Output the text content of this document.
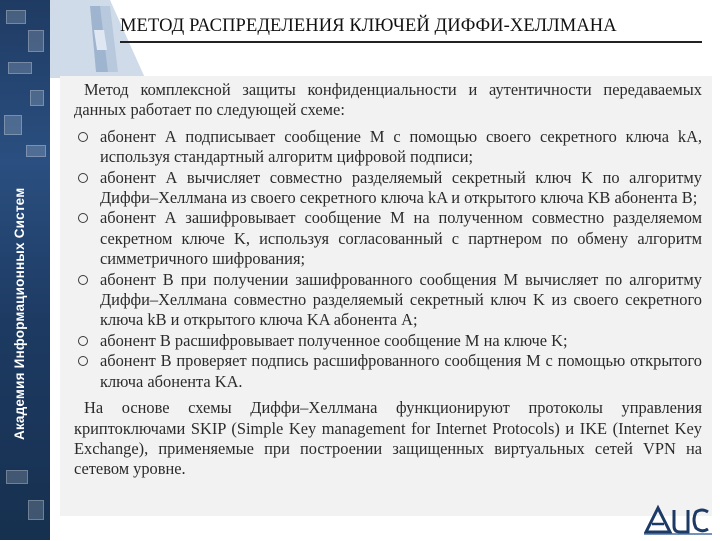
Академия Информационных Систем
МЕТОД РАСПРЕДЕЛЕНИЯ КЛЮЧЕЙ ДИФФИ-ХЕЛЛМАНА

Метод комплексной защиты конфиденциальности и аутентичности передаваемых данных работает по следующей схеме:

абонент А подписывает сообщение М с помощью своего секретного ключа kA, используя стандартный алгоритм цифровой подписи;
абонент А вычисляет совместно разделяемый секретный ключ K по алгоритму Диффи–Хеллмана из своего секретного ключа kA и открытого ключа KB абонента В;
абонент А зашифровывает сообщение М на полученном совместно разделяемом секретном ключе K, используя согласованный с партнером по обмену алгоритм симметричного шифрования;
абонент В при получении зашифрованного сообщения М вычисляет по алгоритму Диффи–Хеллмана совместно разделяемый секретный ключ K из своего секретного ключа kB и открытого ключа KA абонента A;
абонент В расшифровывает полученное сообщение М на ключе K;
абонент В проверяет подпись расшифрованного сообщения М с помощью открытого ключа абонента KA.

На основе схемы Диффи–Хеллмана функционируют протоколы управления криптоключами SKIP (Simple Key management for Internet Protocols) и IKE (Internet Key Exchange), применяемые при построении защищенных виртуальных сетей VPN на сетевом уровне.
